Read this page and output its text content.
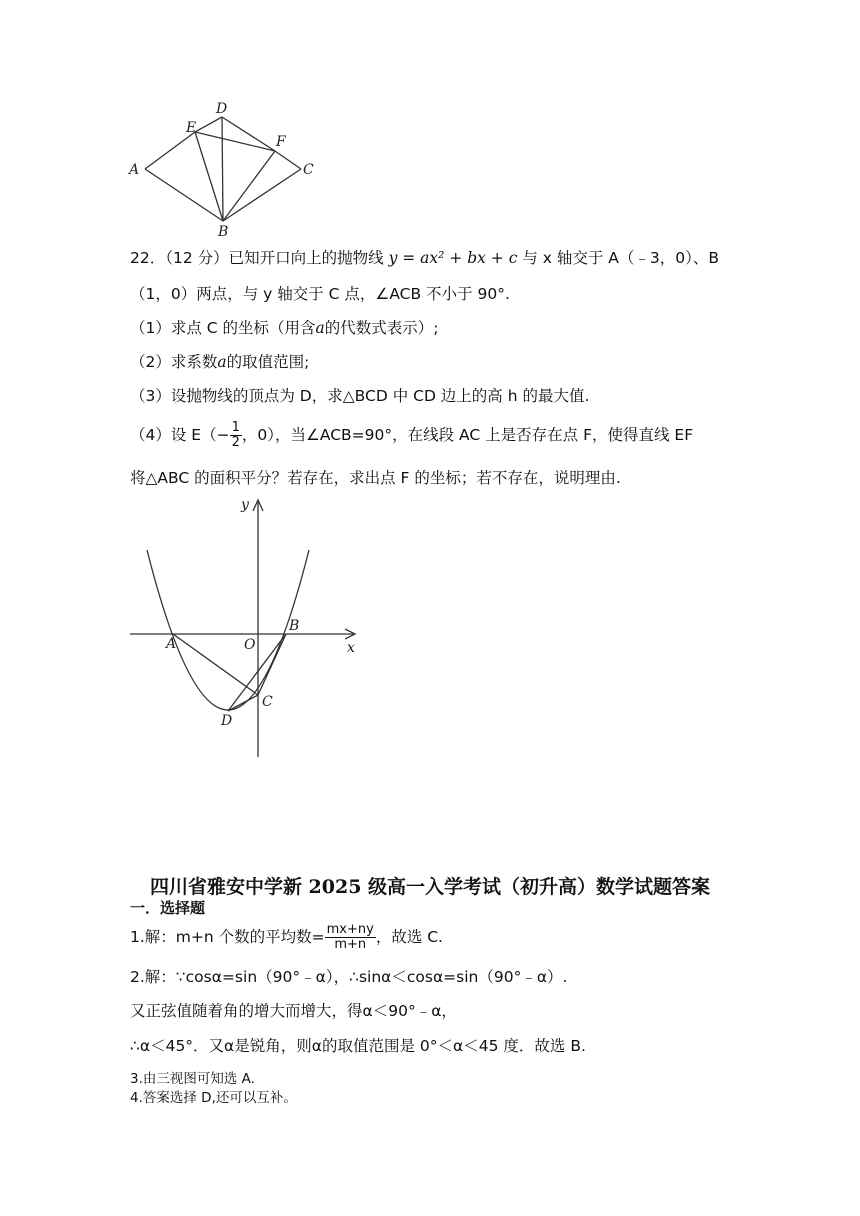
A
D
E
F
C
B
22．（12 分）已知开口向上的抛物线 y = ax² + bx + c 与 x 轴交于 A（﹣3，0）、B
（1，0）两点，与 y 轴交于 C 点，∠ACB 不小于 90°.
（1）求点 C 的坐标（用含a的代数式表示）;
（2）求系数a的取值范围;
（3）设抛物线的顶点为 D，求△BCD 中 CD 边上的高 h 的最大值.
（4）设 $E(- \frac{1}{2}$ ，0），当∠ACB=90°，在线段 AC 上是否存在点 F，使得直线 EF
将△ABC 的面积平分？若存在，求出点 F 的坐标；若不存在，说明理由.
y
x
O
A
B
C
D
四川省雅安中学新 2025 级高一入学考试（初升高）数学试题答案
一．选择题
1.解：m+n 个数的平均数= $\frac{mx+ny}{m+n}$ ，故选 C.
2.解：∵cosα=sin（90°﹣α），∴sinα＜cosα=sin（90°﹣α）.
又正弦值随着角的增大而增大，得α＜90°﹣α，
∴α＜45°．又α是锐角，则α的取值范围是 0°＜α＜45 度．故选 B.
3.由三视图可知选 A.
4.答案选择 D,还可以互补。
